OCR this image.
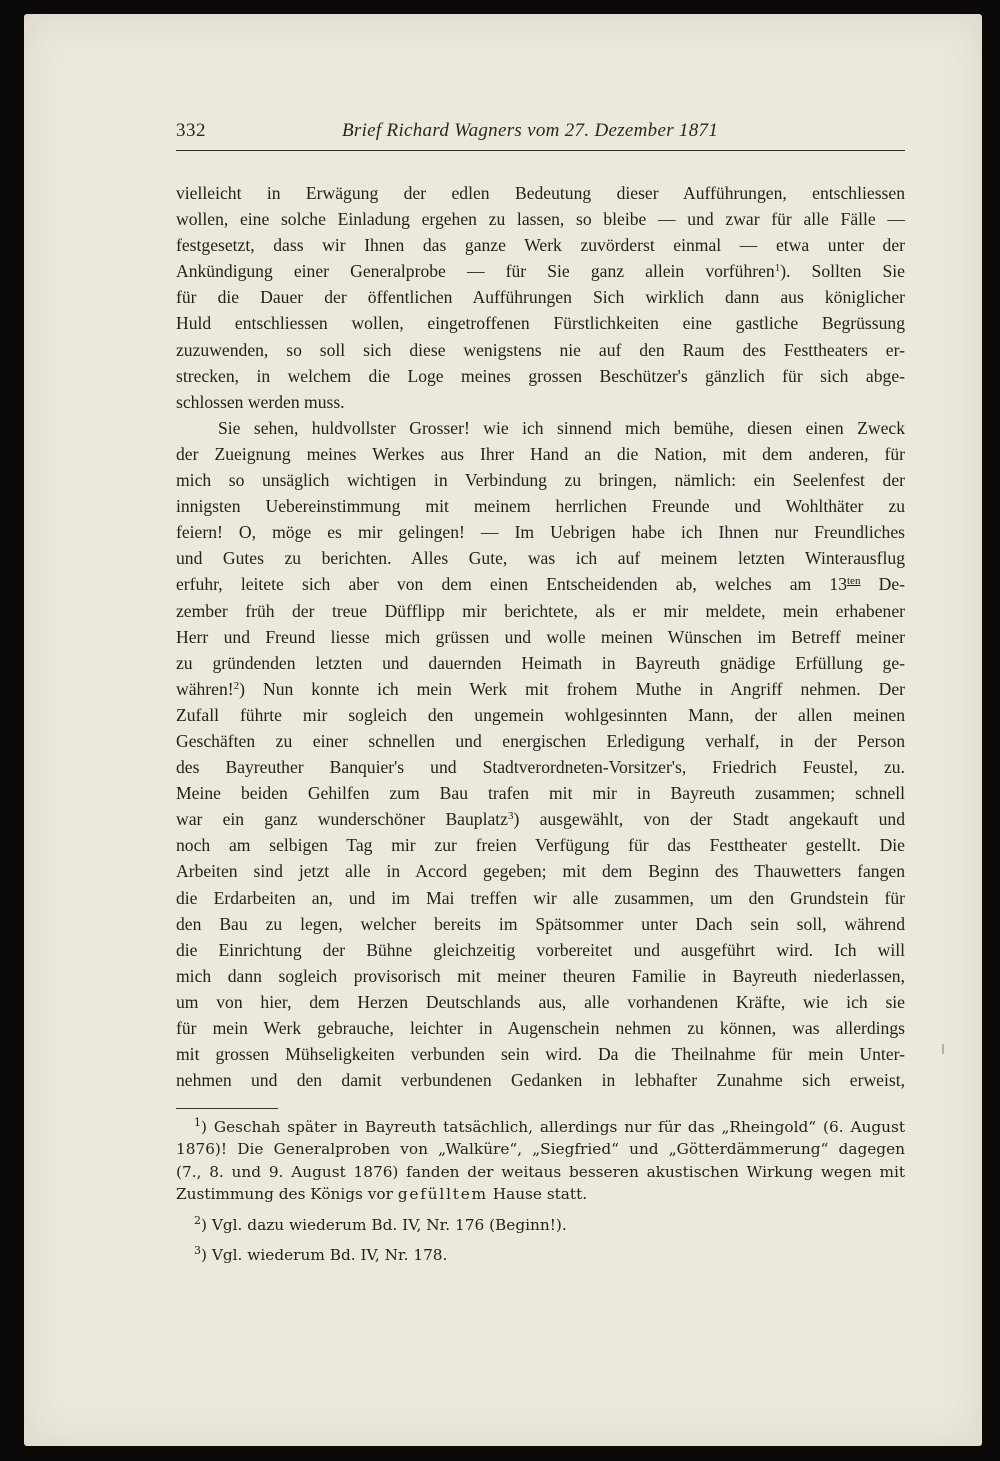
332	Brief Richard Wagners vom 27. Dezember 1871
vielleicht in Erwägung der edlen Bedeutung dieser Aufführungen, entschliessen
wollen, eine solche Einladung ergehen zu lassen, so bleibe — und zwar für alle Fälle —
festgesetzt, dass wir Ihnen das ganze Werk zuvörderst einmal — etwa unter der
Ankündigung einer Generalprobe — für Sie ganz allein vorführen$^1$). Sollten Sie
für die Dauer der öffentlichen Aufführungen Sich wirklich dann aus königlicher
Huld entschliessen wollen, eingetroffenen Fürstlichkeiten eine gastliche Begrüssung
zuzuwenden, so soll sich diese wenigstens nie auf den Raum des Festtheaters er-
strecken, in welchem die Loge meines grossen Beschützer's gänzlich für sich abge-
schlossen werden muss.
Sie sehen, huldvollster Grosser! wie ich sinnend mich bemühe, diesen einen Zweck
der Zueignung meines Werkes aus Ihrer Hand an die Nation, mit dem anderen, für
mich so unsäglich wichtigen in Verbindung zu bringen, nämlich: ein Seelenfest der
innigsten Uebereinstimmung mit meinem herrlichen Freunde und Wohlthäter zu
feiern! O, möge es mir gelingen! — Im Uebrigen habe ich Ihnen nur Freundliches
und Gutes zu berichten. Alles Gute, was ich auf meinem letzten Winterausflug
erfuhr, leitete sich aber von dem einen Entscheidenden ab, welches am $13^{ten}$ De-
zember früh der treue Düfflipp mir berichtete, als er mir meldete, mein erhabener
Herr und Freund liesse mich grüssen und wolle meinen Wünschen im Betreff meiner
zu gründenden letzten und dauernden Heimath in Bayreuth gnädige Erfüllung ge-
währen!$^2$) Nun konnte ich mein Werk mit frohem Muthe in Angriff nehmen. Der
Zufall führte mir sogleich den ungemein wohlgesinnten Mann, der allen meinen
Geschäften zu einer schnellen und energischen Erledigung verhalf, in der Person
des Bayreuther Banquier's und Stadtverordneten-Vorsitzer's, Friedrich Feustel, zu.
Meine beiden Gehilfen zum Bau trafen mit mir in Bayreuth zusammen; schnell
war ein ganz wunderschöner Bauplatz$^3$) ausgewählt, von der Stadt angekauft und
noch am selbigen Tag mir zur freien Verfügung für das Festtheater gestellt. Die
Arbeiten sind jetzt alle in Accord gegeben; mit dem Beginn des Thauwetters fangen
die Erdarbeiten an, und im Mai treffen wir alle zusammen, um den Grundstein für
den Bau zu legen, welcher bereits im Spätsommer unter Dach sein soll, während
die Einrichtung der Bühne gleichzeitig vorbereitet und ausgeführt wird. Ich will
mich dann sogleich provisorisch mit meiner theuren Familie in Bayreuth niederlassen,
um von hier, dem Herzen Deutschlands aus, alle vorhandenen Kräfte, wie ich sie
für mein Werk gebrauche, leichter in Augenschein nehmen zu können, was allerdings
mit grossen Mühseligkeiten verbunden sein wird. Da die Theilnahme für mein Unter-
nehmen und den damit verbundenen Gedanken in lebhafter Zunahme sich erweist,
$^1$) Geschah später in Bayreuth tatsächlich, allerdings nur für das „Rheingold“ (6. August
1876)! Die Generalproben von „Walküre“, „Siegfried“ und „Götterdämmerung“ dagegen
(7., 8. und 9. August 1876) fanden der weitaus besseren akustischen Wirkung wegen mit
Zustimmung des Königs vor gefülltem Hause statt.
$^2$) Vgl. dazu wiederum Bd. IV, Nr. 176 (Beginn!).
$^3$) Vgl. wiederum Bd. IV, Nr. 178.
